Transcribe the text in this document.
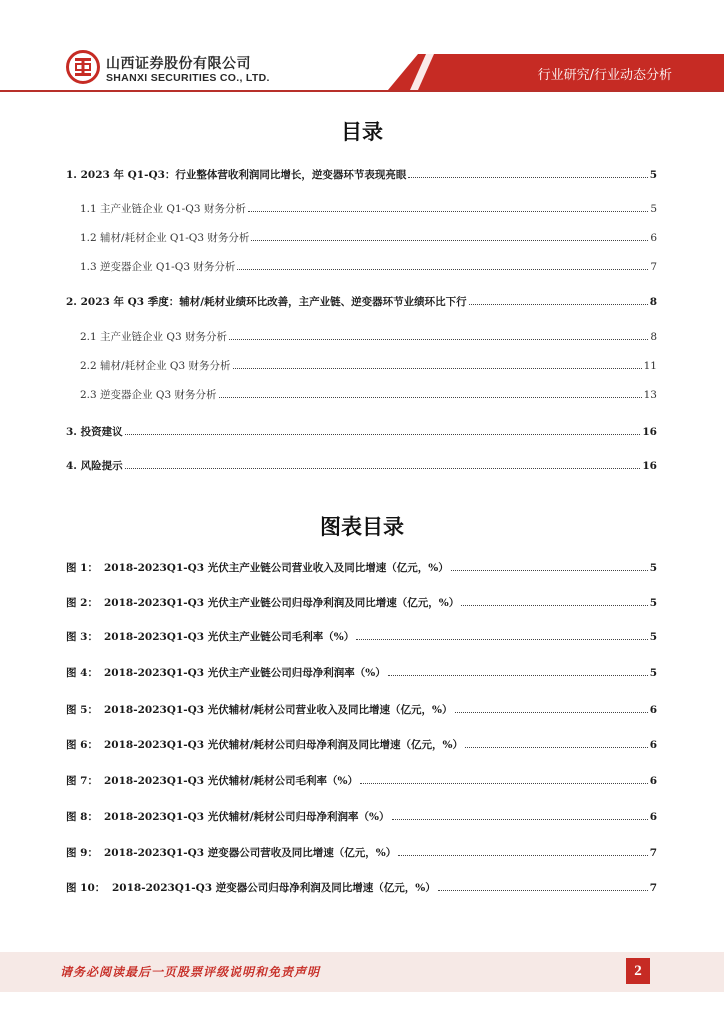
山西证券股份有限公司
SHANXI SECURITIES CO., LTD.	行业研究/行业动态分析
目录
1. 2023 年 Q1-Q3：行业整体营收利润同比增长，逆变器环节表现亮眼	5
1.1 主产业链企业 Q1-Q3 财务分析	5
1.2 辅材/耗材企业 Q1-Q3 财务分析	6
1.3 逆变器企业 Q1-Q3 财务分析	7
2. 2023 年 Q3 季度：辅材/耗材业绩环比改善，主产业链、逆变器环节业绩环比下行	8
2.1 主产业链企业 Q3 财务分析	8
2.2 辅材/耗材企业 Q3 财务分析	11
2.3 逆变器企业 Q3 财务分析	13
3. 投资建议	16
4. 风险提示	16
图表目录
图 1： 2018-2023Q1-Q3 光伏主产业链公司营业收入及同比增速（亿元，%）	5
图 2： 2018-2023Q1-Q3 光伏主产业链公司归母净利润及同比增速（亿元，%）	5
图 3： 2018-2023Q1-Q3 光伏主产业链公司毛利率（%）	5
图 4： 2018-2023Q1-Q3 光伏主产业链公司归母净利润率（%）	5
图 5： 2018-2023Q1-Q3 光伏辅材/耗材公司营业收入及同比增速（亿元，%）	6
图 6： 2018-2023Q1-Q3 光伏辅材/耗材公司归母净利润及同比增速（亿元，%）	6
图 7： 2018-2023Q1-Q3 光伏辅材/耗材公司毛利率（%）	6
图 8： 2018-2023Q1-Q3 光伏辅材/耗材公司归母净利润率（%）	6
图 9： 2018-2023Q1-Q3 逆变器公司营收及同比增速（亿元，%）	7
图 10： 2018-2023Q1-Q3 逆变器公司归母净利润及同比增速（亿元，%）	7
请务必阅读最后一页股票评级说明和免责声明	2
